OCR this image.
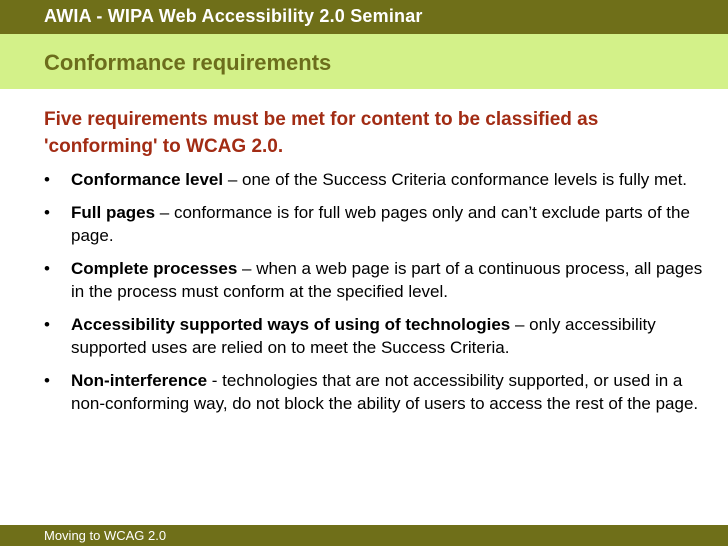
AWIA - WIPA Web Accessibility 2.0 Seminar
Conformance requirements

Five requirements must be met for content to be classified as 'conforming' to WCAG 2.0.

• Conformance level – one of the Success Criteria conformance levels is fully met.
• Full pages – conformance is for full web pages only and can’t exclude parts of the page.
• Complete processes – when a web page is part of a continuous process, all pages in the process must conform at the specified level.
• Accessibility supported ways of using of technologies – only accessibility supported uses are relied on to meet the Success Criteria.
• Non-interference - technologies that are not accessibility supported, or used in a non-conforming way, do not block the ability of users to access the rest of the page.
Moving to WCAG 2.0
